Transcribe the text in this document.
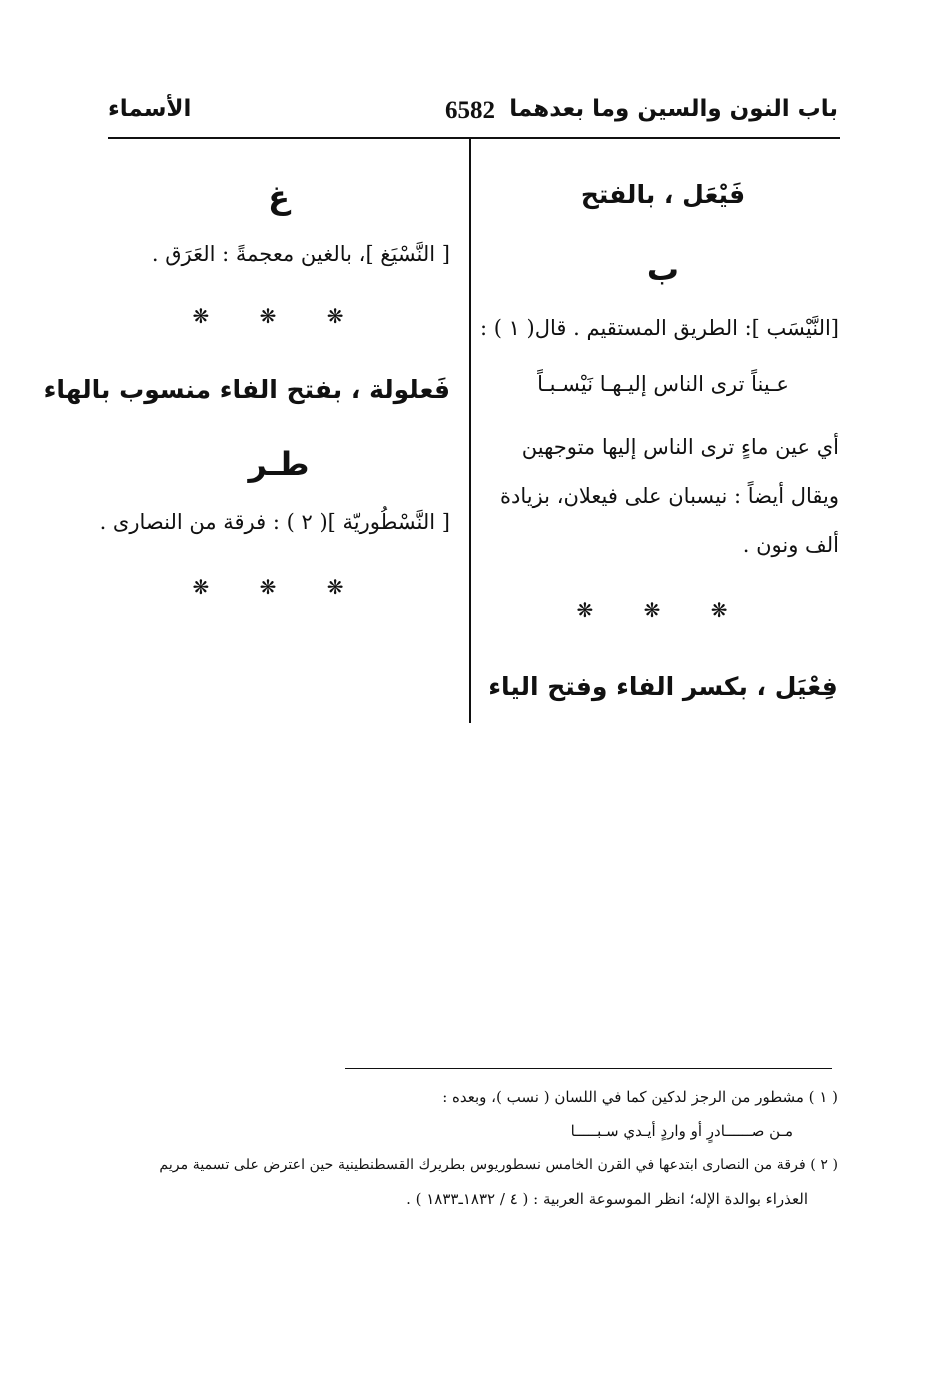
باب النون والسين وما بعدهما
6582
الأسماء
فَيْعَل ، بالفتح
ب
[النَّيْسَب ]: الطريق المستقيم . قال( ١ ) :
عـيناً ترى الناس إليـهـا نَيْسـبـاً
أي عين ماءٍ ترى الناس إليها متوجهين
ويقال أيضاً : نيسبان على فيعلان، بزيادة
ألف ونون .
❋ ❋ ❋
فِعْيَل ، بكسر الفاء وفتح الياء
غ
[ النَّسْيَغ ]، بالغين معجمةً : العَرَق .
❋ ❋ ❋
فَعلولة ، بفتح الفاء منسوب بالهاء
طـر
[ النَّسْطُوريّة ]( ٢ ) : فرقة من النصارى .
❋ ❋ ❋
( ١ ) مشطور من الرجز لدكين كما في اللسان ( نسب )، وبعده :
مـن صــــــادرٍ أو واردٍ أيـدي سـبـــــا
( ٢ ) فرقة من النصارى ابتدعها في القرن الخامس نسطوريوس بطريرك القسطنطينية حين اعترض على تسمية مريم
العذراء بوالدة الإله؛ انظر الموسوعة العربية : ( ٤ / ١٨٣٢ـ١٨٣٣ ) .
